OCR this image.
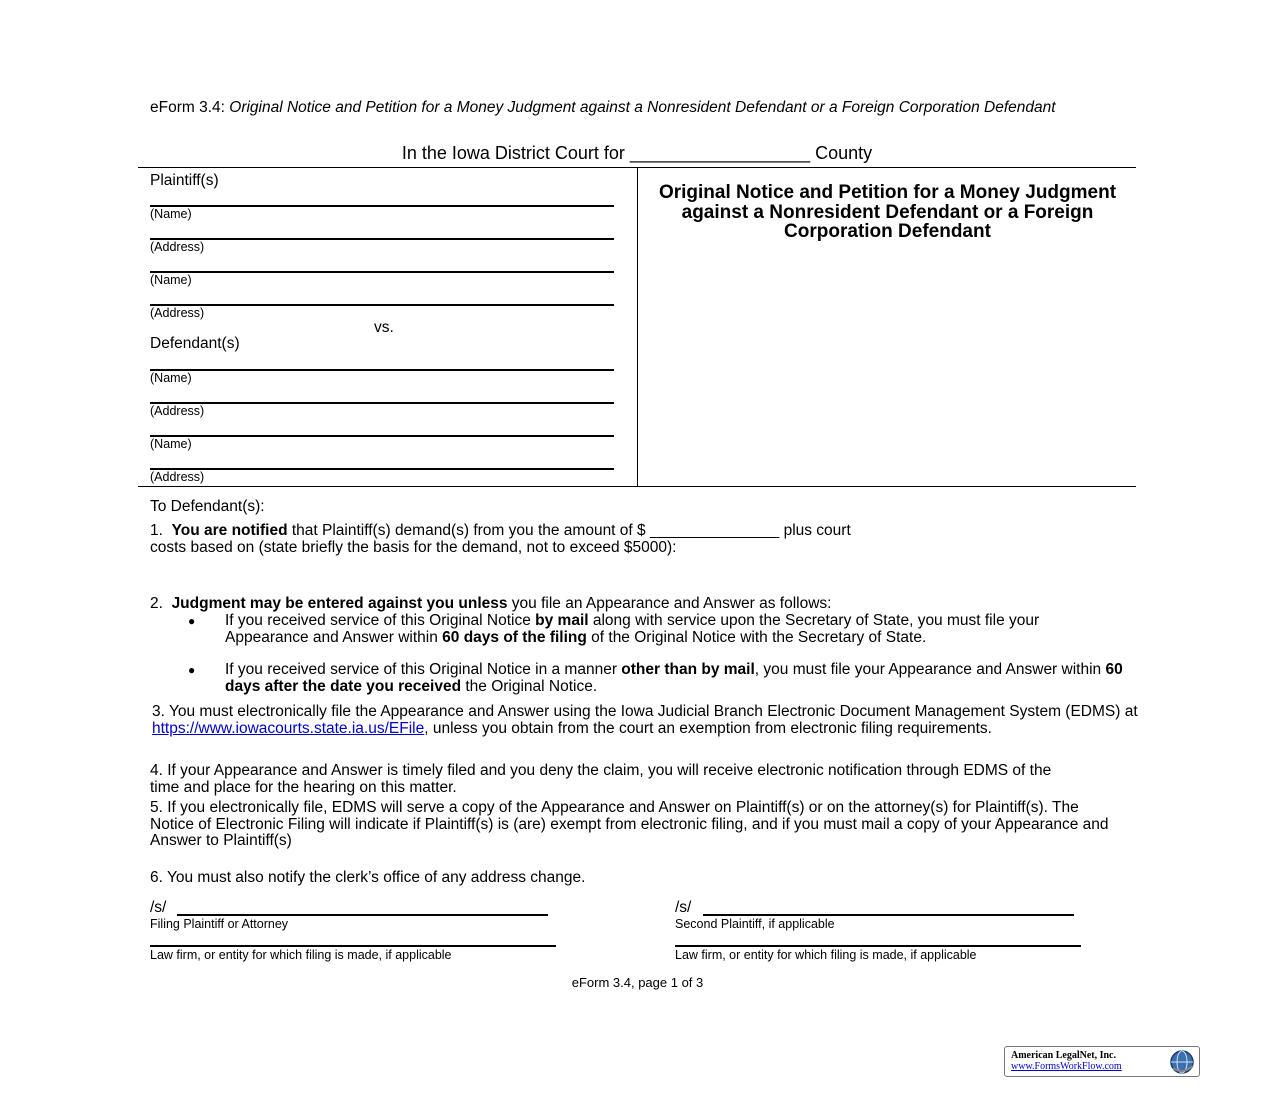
eForm 3.4: Original Notice and Petition for a Money Judgment against a Nonresident Defendant or a Foreign Corporation Defendant
In the Iowa District Court for __________________ County
Plaintiff(s)
(Name)
(Address)
(Name)
(Address)
vs.
Defendant(s)
(Name)
(Address)
(Name)
(Address)
Original Notice and Petition for a Money Judgment against a Nonresident Defendant or a Foreign Corporation Defendant
To Defendant(s):
1. You are notified that Plaintiff(s) demand(s) from you the amount of $ _______________ plus court
costs based on (state briefly the basis for the demand, not to exceed $5000):
2. Judgment may be entered against you unless you file an Appearance and Answer as follows:
● If you received service of this Original Notice by mail along with service upon the Secretary of State, you must file your Appearance and Answer within 60 days of the filing of the Original Notice with the Secretary of State.
● If you received service of this Original Notice in a manner other than by mail, you must file your Appearance and Answer within 60 days after the date you received the Original Notice.
3. You must electronically file the Appearance and Answer using the Iowa Judicial Branch Electronic Document Management System (EDMS) at https://www.iowacourts.state.ia.us/EFile, unless you obtain from the court an exemption from electronic filing requirements.
4. If your Appearance and Answer is timely filed and you deny the claim, you will receive electronic notification through EDMS of the time and place for the hearing on this matter.
5. If you electronically file, EDMS will serve a copy of the Appearance and Answer on Plaintiff(s) or on the attorney(s) for Plaintiff(s). The Notice of Electronic Filing will indicate if Plaintiff(s) is (are) exempt from electronic filing, and if you must mail a copy of your Appearance and Answer to Plaintiff(s)
6. You must also notify the clerk’s office of any address change.
/s/
Filing Plaintiff or Attorney
Law firm, or entity for which filing is made, if applicable
/s/
Second Plaintiff, if applicable
Law firm, or entity for which filing is made, if applicable
eForm 3.4, page 1 of 3
American LegalNet, Inc.
www.FormsWorkFlow.com
